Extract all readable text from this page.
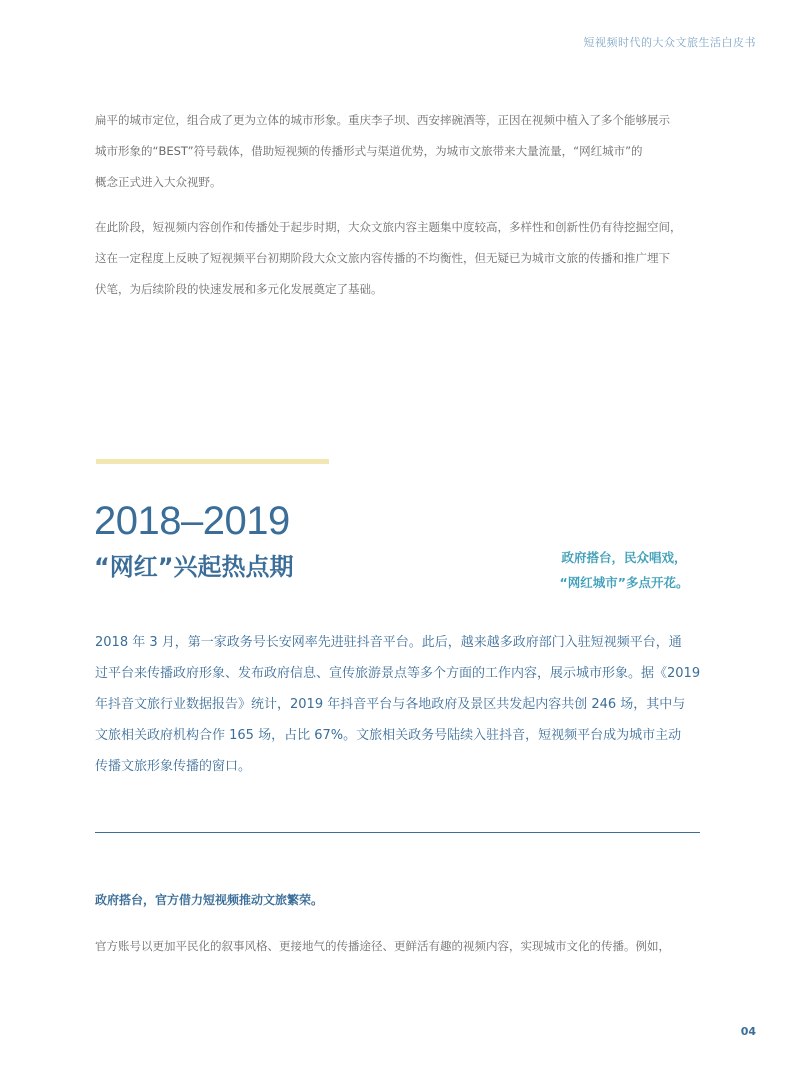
短视频时代的大众文旅生活白皮书

扁平的城市定位，组合成了更为立体的城市形象。重庆李子坝、西安摔碗酒等，正因在视频中植入了多个能够展示

城市形象的“BEST”符号载体，借助短视频的传播形式与渠道优势，为城市文旅带来大量流量，“网红城市”的

概念正式进入大众视野。

在此阶段，短视频内容创作和传播处于起步时期，大众文旅内容主题集中度较高，多样性和创新性仍有待挖掘空间，

这在一定程度上反映了短视频平台初期阶段大众文旅内容传播的不均衡性，但无疑已为城市文旅的传播和推广埋下

伏笔，为后续阶段的快速发展和多元化发展奠定了基础。

2018–2019
“网红”兴起热点期	政府搭台，民众唱戏，
“网红城市”多点开花。

2018 年 3 月，第一家政务号长安网率先进驻抖音平台。此后，越来越多政府部门入驻短视频平台，通

过平台来传播政府形象、发布政府信息、宣传旅游景点等多个方面的工作内容，展示城市形象。据《2019

年抖音文旅行业数据报告》统计，2019 年抖音平台与各地政府及景区共发起内容共创 246 场，其中与

文旅相关政府机构合作 165 场，占比 67%。文旅相关政务号陆续入驻抖音，短视频平台成为城市主动

传播文旅形象传播的窗口。

政府搭台，官方借力短视频推动文旅繁荣。
官方账号以更加平民化的叙事风格、更接地气的传播途径、更鲜活有趣的视频内容，实现城市文化的传播。例如，
04
